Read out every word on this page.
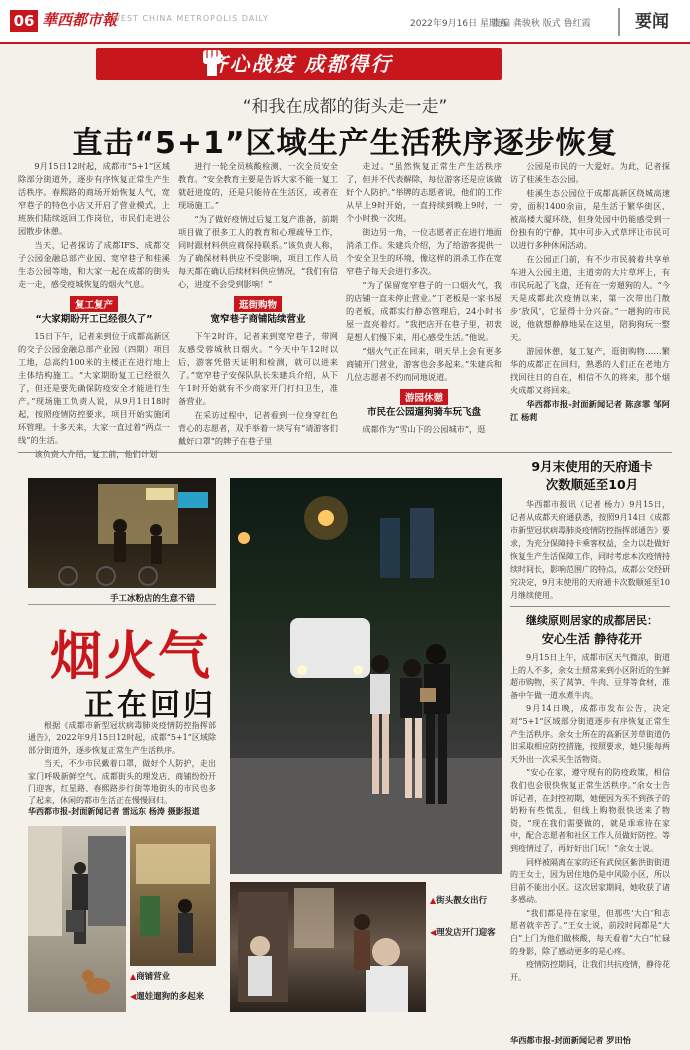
06 華西都市報
WEST CHINA METROPOLIS DAILY
2022年9月16日 星期五
责编 龚骏秋 版式 鲁红霞	要闻
齐心战疫 成都得行
“和我在成都的街头走一走”
直击“5+1”区域生产生活秩序逐步恢复

9月15日12时起，成都市“5+1”区域除部分街道外，逐步有序恢复正常生产生活秩序。春熙路的商场开始恢复人气，宽窄巷子的特色小店又开启了营业模式，上班族们陆续返回工作岗位，市民们走进公园散步休憩。

当天，记者探访了成都IFS、成都交子公园金融总部产业园、宽窄巷子和桂溪生态公园等地，和大家一起在成都的街头走一走，感受疫城恢复的烟火气息。

复工复产
“大家期盼开工已经很久了”

15日下午，记者来到位于成都高新区的交子公园金融总部产业园（四期）项目工地，总高约100米的主楼正在进行地上主体结构施工。“大家期盼复工已经很久了，但还是要先确保防疫安全才能进行生产。”现场施工负责人说，从9月1日18时起，按照疫情防控要求，项目开始实施闭环管理。十多天来，大家一直过着“两点一线”的生活。

该负责人介绍，复工前，他们计划

进行一轮全员核酸检测、一次全员安全教育。“安全教育主要是告诉大家不能一复工就赶进度的，还是只能待在生活区，或者在现场施工。”

“为了做好疫情过后复工复产准备，前期项目做了很多工人的教育和心理疏导工作，同时跟材料供应商保持联系。”该负责人称，为了确保材料供应不受影响，项目工作人员每天都在确认后续材料供应情况，“我们有信心，进度不会受到影响！”

逛街购物
宽窄巷子商铺陆续营业

下午2时许，记者来到宽窄巷子，带网友感受蓉城秋日烟火。“今天中午12时以后，游客凭借天证明和检测，就可以进来了。”宽窄巷子安保队队长朱建兵介绍，从下午1时开始就有不少商家开门打扫卫生，准备营业。

在采访过程中，记者看到一位身穿红色背心的志愿者，双手举着一块写有“请游客们戴好口罩”的牌子在巷子里

走过。“虽然恢复正常生产生活秩序了，但并不代表解除，每位游客还是应该做好个人防护。”举牌的志愿者说，他们的工作从早上9时开始，一直持续到晚上9时，一个小时换一次班。

街边另一角，一位志愿者正在进行地面消杀工作。朱建兵介绍，为了给游客提供一个安全卫生的环境，像这样的消杀工作在宽窄巷子每天会进行多次。

“为了保留宽窄巷子的一口烟火气，我的店铺一直未停止营业。”丁老板是一家书屋的老板，成都实行静态管理后，24小时书屋一直亮着灯。“我把店开在巷子里，初衷是想人们慢下来，用心感受生活。”他说。

“烟火气正在回来，明天早上会有更多商铺开门营业，游客也会多起来。”朱建兵和几位志愿者不约而同地说道。

游园休憩
市民在公园遛狗骑车玩飞盘

成都作为“雪山下的公园城市”，逛

公园是市民的一大爱好。为此，记者探访了桂溪生态公园。

桂溪生态公园位于成都高新区绕城高速旁，面积1400余亩，是生活于繁华街区、被高楼大厦环绕，但身处园中仍能感受到一份独有的宁静，其中可步入式草坪让市民可以进行多种休闲活动。

在公园正门前，有不少市民骑着共享单车进入公园主道，主道旁的大片草坪上，有市民玩起了飞盘，还有在一旁遛狗的人。“今天是成都此次疫情以来，第一次带出门散步‘放风’，它显得十分兴奋。”一趟狗的市民说，他就想静静地呆在这里，陪狗狗玩一整天。

游园休憩，复工复产，逛街购物……繁华的成都正在回归，熟悉的人们正在老地方找回往日的自在，相信不久的将来，那个烟火成都又将回来。

华西都市报-封面新闻记者 陈彦霏 邹阿江 杨莉
9月末使用的天府通卡
次数顺延至10月

华西都市报讯（记者 杨力）9月15日，记者从成都天府通获悉，按照9月14日《成都市新型冠状病毒肺炎疫情防控指挥部通告》要求，为充分保障持卡乘客权益，全力以赴做好恢复生产生活保障工作，同时考虑本次疫情持续时间长，影响范围广的特点，成都公交经研究决定，9月末使用的天府通卡次数顺延至10月继续使用。

继续原则居家的成都居民：
安心生活 静待花开

9月15日上午，成都市区天气微凉，街道上的人不多，余女士照常来到小区附近的生鲜超市购物，买了莴笋、牛肉、豆芽等食材，准备中午做一道水煮牛肉。

9月14日晚，成都市发布公告，决定对“5+1”区域部分街道逐步有序恢复正常生产生活秩序。余女士所在的高新区芳草街道仍旧采取相应防控措施，按照要求，她只能每两天外出一次采买生活物资。

“安心在家，遵守现有的防疫政策，相信我们也会很快恢复正常生活秩序。”余女士告诉记者，在封控初期，她便因为买不到孩子的奶粉有些慌乱，但线上购物很快送来了物资，“现在我们需要做的，就是乖乖待在家中，配合志愿者和社区工作人员做好防控。等到疫情过了，再好好出门玩！”余女士说。

同样被隔离在家的还有武侯区紫洪街街道的王女士，因为居住地仍是中风险小区，所以目前不能出小区。这次居家期间，她收获了诸多感动。

“我们都是待在家里，但那些‘大白’和志愿者就辛苦了。”王女士说，前段时间都是“大白”上门为他们做核酸，每天看着“大白”忙碌的身影，除了感动更多的是心疼。

疫情防控期间，让我们共抗疫情，静待花开。

华西都市报-封面新闻记者 罗田怡
手工冰粉店的生意不错
烟火气
正在回归

根据《成都市新型冠状病毒肺炎疫情防控指挥部通告》，2022年9月15日12时起，成都“5+1”区域除部分街道外，逐步恢复正常生产生活秩序。

当天，不少市民戴着口罩，做好个人防护，走出家门呼吸新鲜空气。成都街头的理发店、商铺纷纷开门迎客，红星路、春熙路步行街等地街头的市民也多了起来，休闲的都市生活正在慢慢回归。

华西都市报-封面新闻记者 雷远东 杨涛 摄影报道
▲商铺营业
◀遛娃遛狗的多起来
▲街头靓女出行
◀理发店开门迎客
